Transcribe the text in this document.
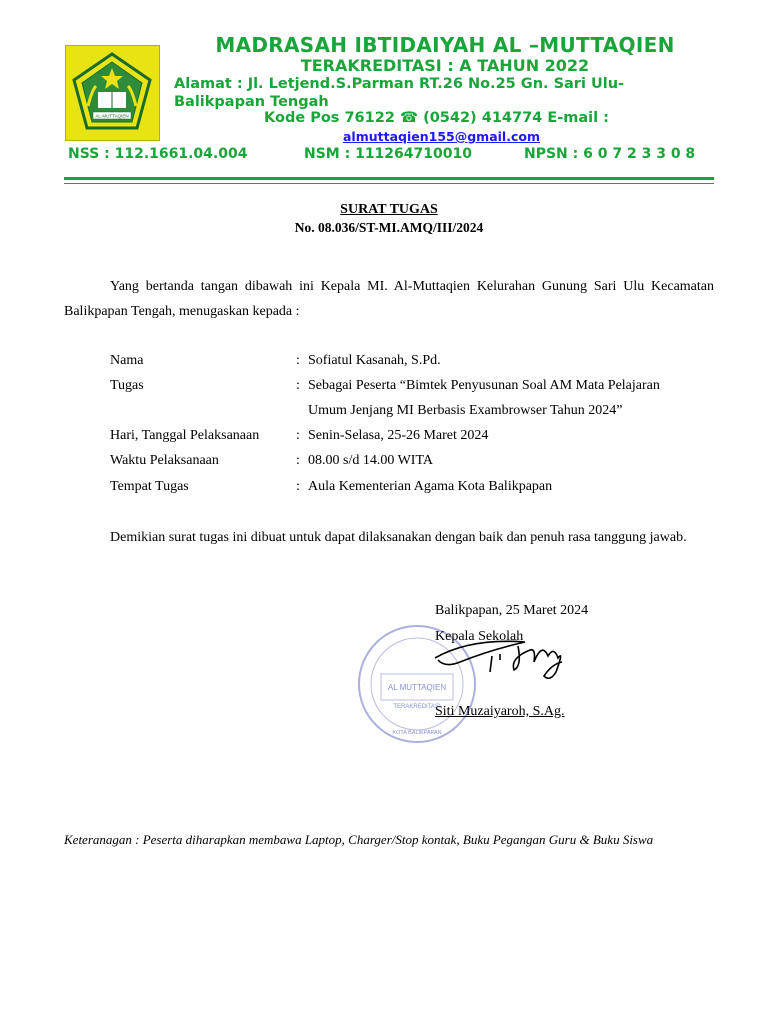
AL-MUTTAQIEN
MADRASAH IBTIDAIYAH AL –MUTTAQIEN
TERAKREDITASI : A TAHUN 2022
Alamat : Jl. Letjend.S.Parman RT.26 No.25 Gn. Sari Ulu-
Balikpapan Tengah
Kode Pos 76122 ☎ (0542) 414774 E-mail :
almuttaqien155@gmail.com
NSS : 112.1661.04.004	NSM : 111264710010	NPSN : 6 0 7 2 3 3 0 8
SURAT TUGAS
No. 08.036/ST-MI.AMQ/III/2024
Yang bertanda tangan dibawah ini Kepala MI. Al-Muttaqien Kelurahan Gunung Sari Ulu Kecamatan Balikpapan Tengah, menugaskan kepada :
Nama	: Sofiatul Kasanah, S.Pd.
Tugas	: Sebagai Peserta “Bimtek Penyusunan Soal AM Mata Pelajaran
Umum Jenjang MI Berbasis Exambrowser Tahun 2024”
Hari, Tanggal Pelaksanaan	: Senin-Selasa, 25-26 Maret 2024
Waktu Pelaksanaan	: 08.00 s/d 14.00 WITA
Tempat Tugas	: Aula Kementerian Agama Kota Balikpapan
Demikian surat tugas ini dibuat untuk dapat dilaksanakan dengan baik dan penuh rasa tanggung jawab.
AL MUTTAQIEN
TERAKREDITASI
KOTA BALIKPAPAN
Balikpapan, 25 Maret 2024
Kepala Sekolah
Siti Muzaiyaroh, S.Ag.
Keteranagan : Peserta diharapkan membawa Laptop, Charger/Stop kontak, Buku Pegangan Guru & Buku Siswa
